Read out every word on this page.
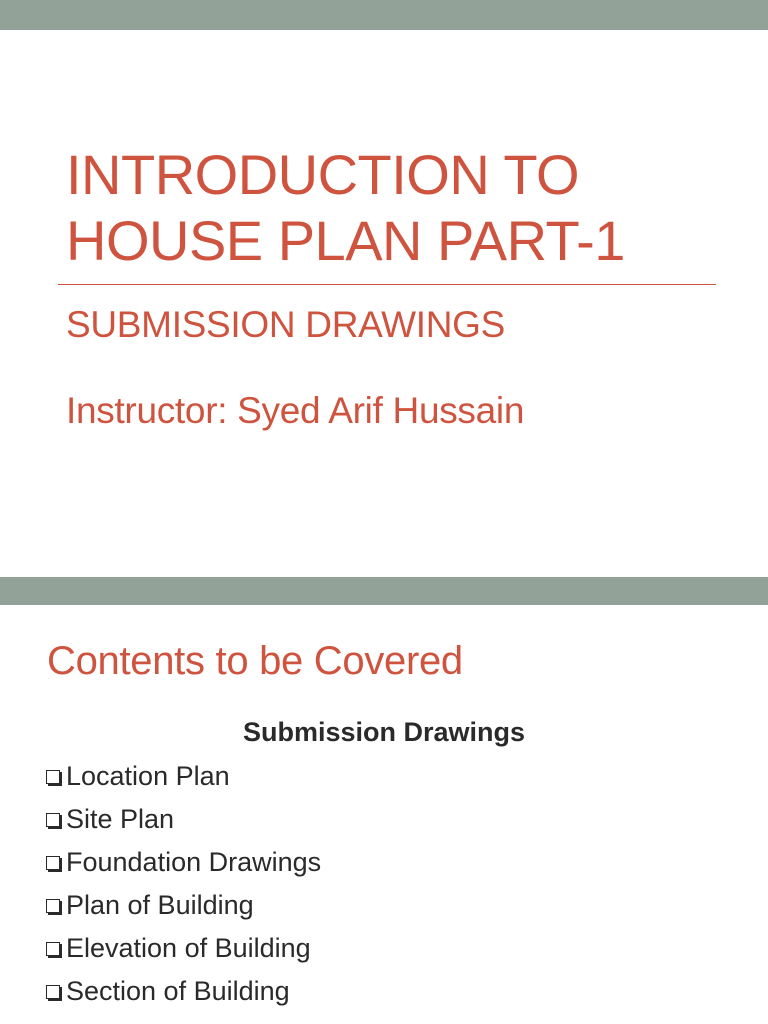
INTRODUCTION TO
HOUSE PLAN PART-1
SUBMISSION DRAWINGS
Instructor: Syed Arif Hussain
Contents to be Covered
Submission Drawings
Location Plan
Site Plan
Foundation Drawings
Plan of Building
Elevation of Building
Section of Building
